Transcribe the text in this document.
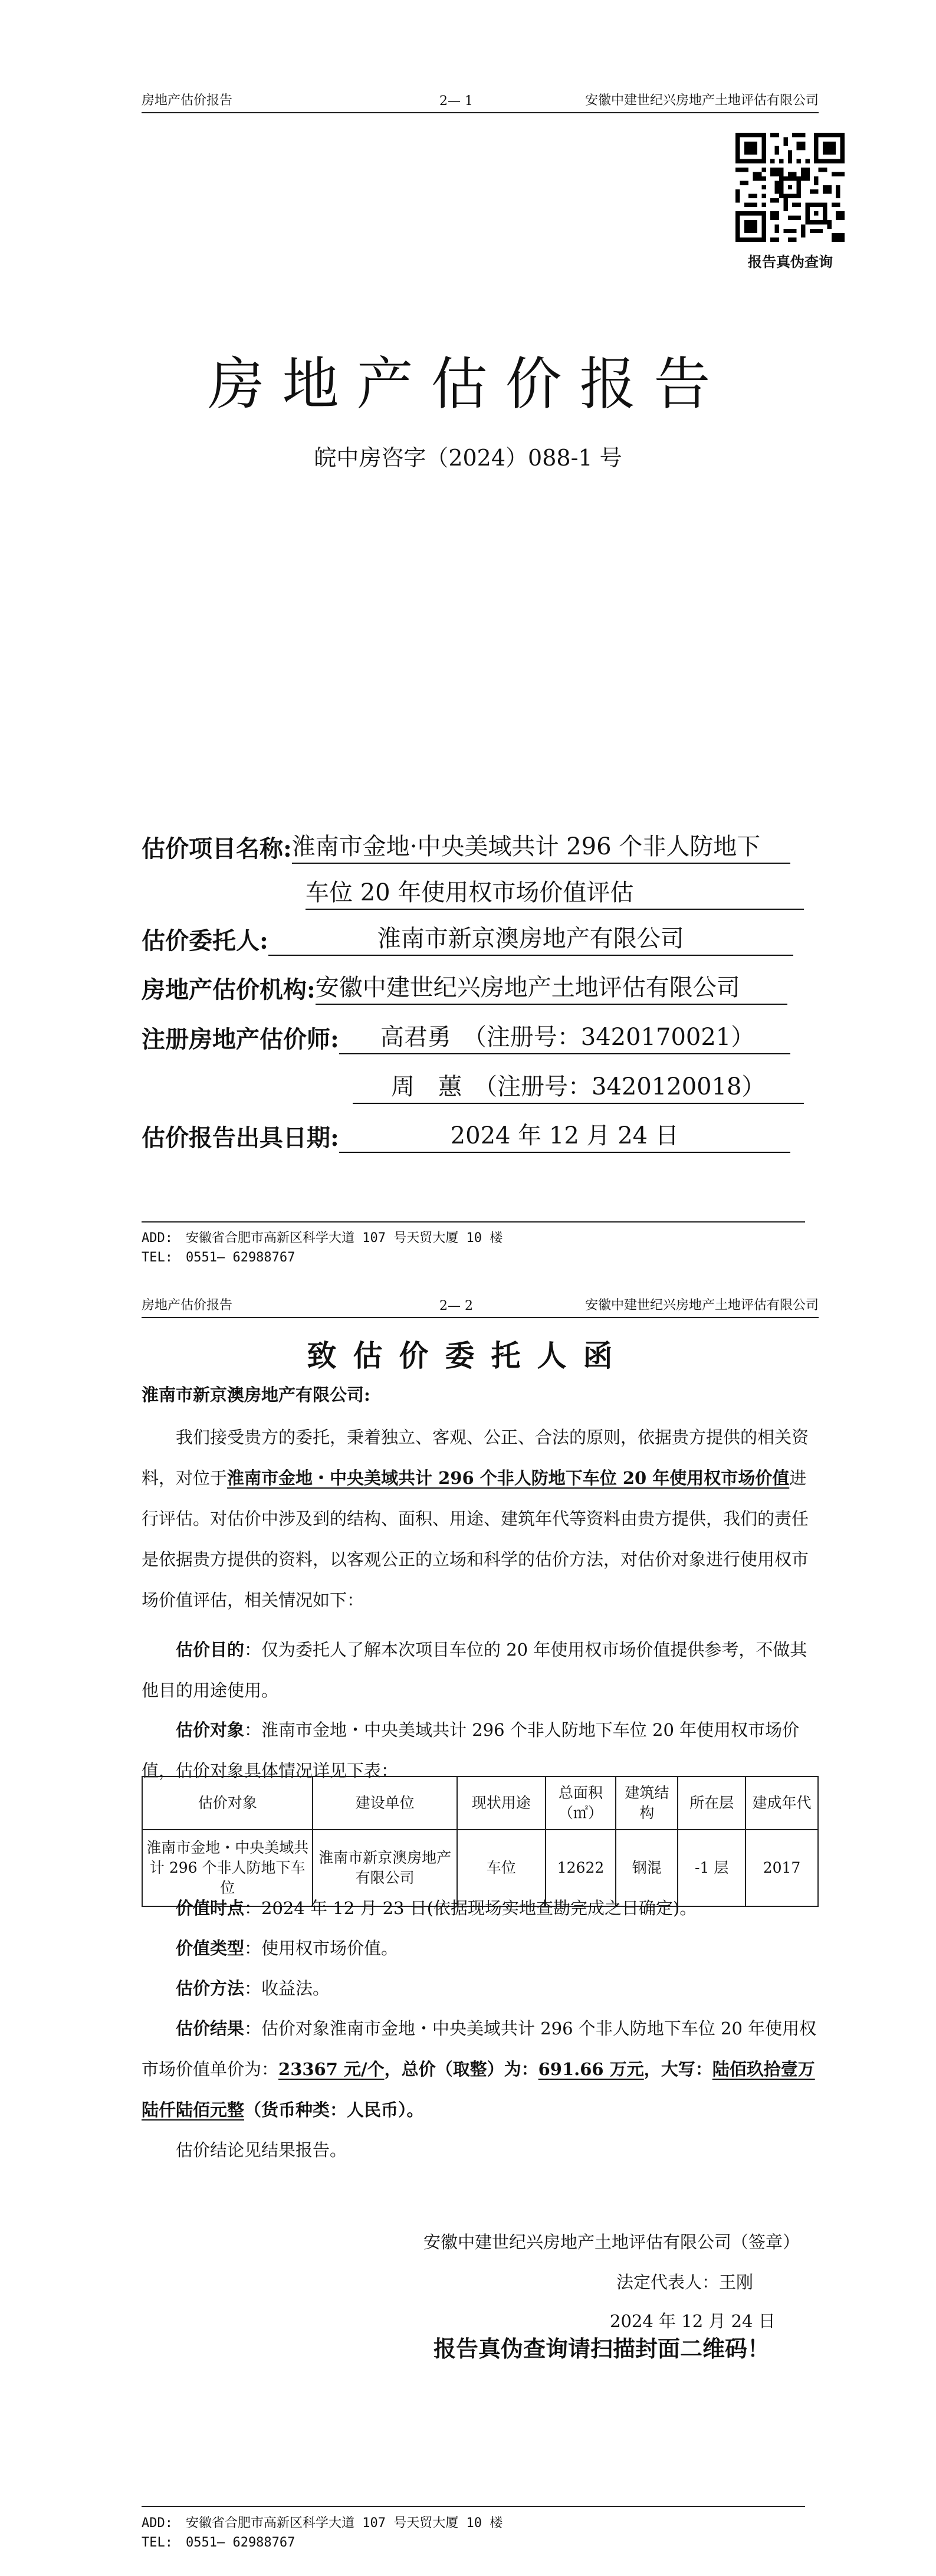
房地产估价报告	2— 1	安徽中建世纪兴房地产土地评估有限公司
报告真伪查询
房地产估价报告
皖中房咨字（2024）088-1 号
估价项目名称:淮南市金地·中央美域共计 296 个非人防地下
车位 20 年使用权市场价值评估
估价委托人:	淮南市新京澳房地产有限公司
房地产估价机构:安徽中建世纪兴房地产土地评估有限公司
注册房地产估价师: 高君勇　（注册号：3420170021）
周　蕙　（注册号：3420120018）
估价报告出具日期:	2024 年 12 月 24 日
ADD:　安徽省合肥市高新区科学大道 107 号天贸大厦 10 楼
TEL:　0551— 62988767
房地产估价报告	2— 2	安徽中建世纪兴房地产土地评估有限公司
致估价委托人函
淮南市新京澳房地产有限公司:
我们接受贵方的委托，秉着独立、客观、公正、合法的原则，依据贵方提供的相关资料，对位于淮南市金地・中央美域共计 296 个非人防地下车位 20 年使用权市场价值进行评估。对估价中涉及到的结构、面积、用途、建筑年代等资料由贵方提供，我们的责任是依据贵方提供的资料，以客观公正的立场和科学的估价方法，对估价对象进行使用权市场价值评估，相关情况如下：
估价目的：仅为委托人了解本次项目车位的 20 年使用权市场价值提供参考，不做其他目的用途使用。
估价对象：淮南市金地・中央美域共计 296 个非人防地下车位 20 年使用权市场价值，估价对象具体情况详见下表：
估价对象	建设单位	现状用途	总面积（㎡）	建筑结构	所在层	建成年代
淮南市金地・中央美域共计 296 个非人防地下车位	淮南市新京澳房地产有限公司	车位	12622	钢混	-1 层	2017
价值时点：2024 年 12 月 23 日(依据现场实地查勘完成之日确定)。
价值类型：使用权市场价值。
估价方法：收益法。
估价结果：估价对象淮南市金地・中央美域共计 296 个非人防地下车位 20 年使用权市场价值单价为：23367 元/个，总价（取整）为：691.66 万元，大写：陆佰玖拾壹万陆仟陆佰元整（货币种类：人民币）。
估价结论见结果报告。
安徽中建世纪兴房地产土地评估有限公司（签章）
法定代表人：王刚
2024 年 12 月 24 日
报告真伪查询请扫描封面二维码！
ADD:　安徽省合肥市高新区科学大道 107 号天贸大厦 10 楼
TEL:　0551— 62988767
